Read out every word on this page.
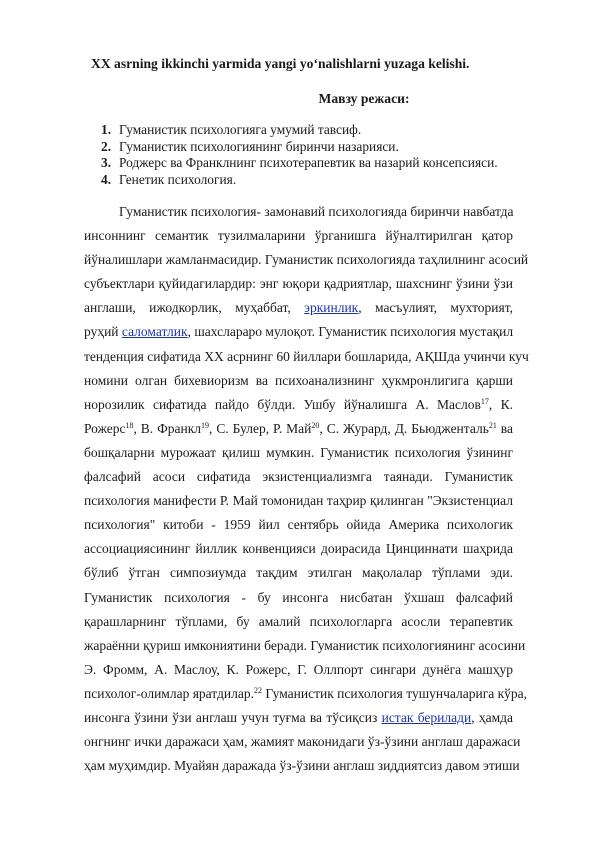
XX asrning ikkinchi yarmida yangi yo‘nalishlarni yuzaga kelishi.
Мавзу режаси:
1. Гуманистик психологияга умумий тавсиф.
2. Гуманистик психологиянинг биринчи назарияси.
3. Роджерс ва Франклнинг психотерапевтик ва назарий консепсияси.
4. Генетик психология.
Гуманистик психология- замонавий психологияда биринчи навбатда
инсоннинг семантик тузилмаларини ўрганишга йўналтирилган қатор
йўналишлари жамланмасидир. Гуманистик психологияда таҳлилнинг асосий
субъектлари қуйидагилардир: энг юқори қадриятлар, шахснинг ўзини ўзи
англаши, ижодкорлик, муҳаббат, эркинлик, масъулият, мухторият,
руҳий саломатлик, шахслараро мулоқот. Гуманистик психология мустақил
тенденция сифатида XX асрнинг 60 йиллари бошларида, АҚШда учинчи куч
номини олган бихевиоризм ва психоанализнинг ҳукмронлигига қарши
норозилик сифатида пайдо бўлди. Ушбу йўналишга А. Маслов$^{17}$, К.
Рожерс$^{18}$, В. Франкл$^{19}$, С. Булер, Р. Май$^{20}$, С. Журард, Д. Бьюдженталь$^{21}$ ва
бошқаларни мурожаат қилиш мумкин. Гуманистик психология ўзининг
фалсафий асоси сифатида экзистенциализмга таянади. Гуманистик
психология манифести Р. Май томонидан таҳрир қилинган "Экзистенциал
психология" китоби - 1959 йил сентябрь ойида Америка психологик
ассоциациясининг йиллик конвенцияси доирасида Цинциннати шаҳрида
бўлиб ўтган симпозиумда тақдим этилган мақолалар тўплами эди.
Гуманистик психология - бу инсонга нисбатан ўхшаш фалсафий
қарашларнинг тўплами, бу амалий психологларга асосли терапевтик
жараённи қуриш имкониятини беради. Гуманистик психологиянинг асосини
Э. Фромм, А. Маслоу, К. Рожерс, Г. Оллпорт сингари дунёга машҳур
психолог-олимлар яратдилар.$^{22}$ Гуманистик психология тушунчаларига кўра,
инсонга ўзини ўзи англаш учун туғма ва тўсиқсиз истак берилади, ҳамда
онгнинг ички даражаси ҳам, жамият маконидаги ўз-ўзини англаш даражаси
ҳам муҳимдир. Муайян даражада ўз-ўзини англаш зиддиятсиз давом этиши
